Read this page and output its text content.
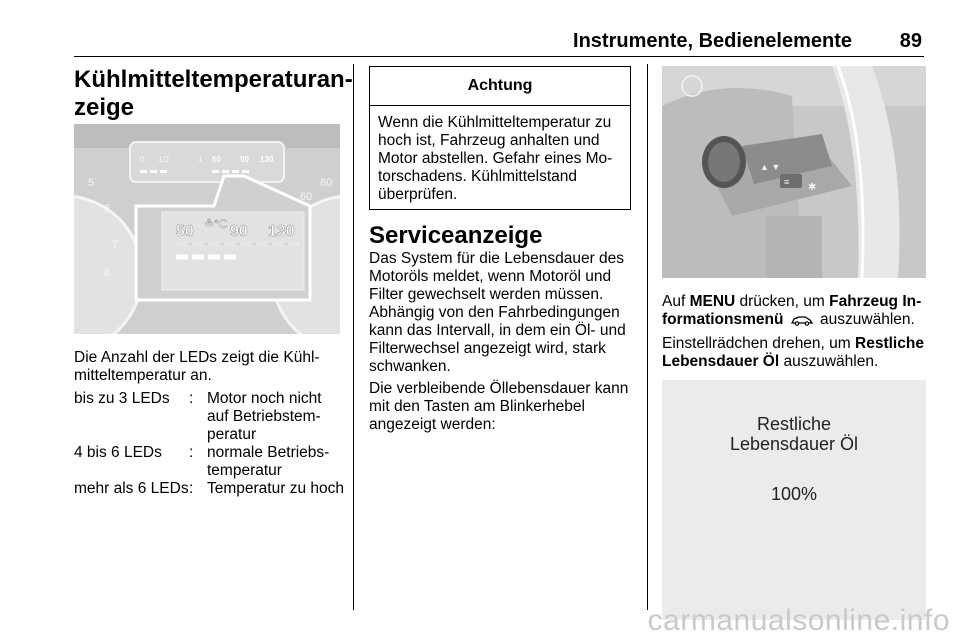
Instrumente, Bedienelemente 89
Kühlmitteltemperaturan-
zeige
0 1/2	1 50 90 130
5
6
7
8
80
60
50 ≗°C 90 130
Die Anzahl der LEDs zeigt die Kühl-mitteltemperatur an.
bis zu 3 LEDs	: Motor noch nicht auf Betriebstem-peratur
4 bis 6 LEDs	: normale Betriebs-temperatur
mehr als 6 LEDs : Temperatur zu hoch
Achtung
Wenn die Kühlmitteltemperatur zu hoch ist, Fahrzeug anhalten und Motor abstellen. Gefahr eines Mo-torschadens. Kühlmittelstand überprüfen.
Serviceanzeige
Das System für die Lebensdauer des Motoröls meldet, wenn Motoröl und Filter gewechselt werden müssen. Abhängig von den Fahrbedingungen kann das Intervall, in dem ein Öl- und Filterwechsel angezeigt wird, stark schwanken.
Die verbleibende Öllebensdauer kann mit den Tasten am Blinkerhebel angezeigt werden:
▲ ▼
≡ ✱
Auf MENU drücken, um Fahrzeug In-formationsmenü  auszuwählen.
Einstellrädchen drehen, um Restliche Lebensdauer Öl auszuwählen.
Restliche
Lebensdauer Öl
100%
carmanualsonline.info
